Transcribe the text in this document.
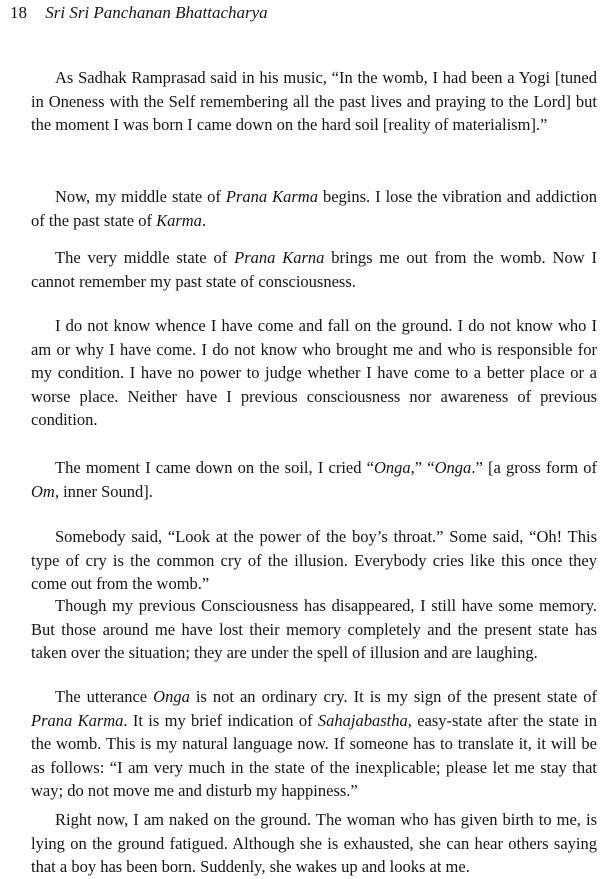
18 Sri Sri Panchanan Bhattacharya

As Sadhak Ramprasad said in his music, “In the womb, I had been a Yogi [tuned in Oneness with the Self remembering all the past lives and praying to the Lord] but the moment I was born I came down on the hard soil [reality of materialism].”

Now, my middle state of Prana Karma begins. I lose the vibration and addiction of the past state of Karma.

The very middle state of Prana Karna brings me out from the womb. Now I cannot remember my past state of consciousness.

I do not know whence I have come and fall on the ground. I do not know who I am or why I have come. I do not know who brought me and who is responsible for my condition. I have no power to judge whether I have come to a better place or a worse place. Neither have I previous consciousness nor awareness of previous condition.

The moment I came down on the soil, I cried “Onga,” “Onga.” [a gross form of Om, inner Sound].

Somebody said, “Look at the power of the boy’s throat.” Some said, “Oh! This type of cry is the common cry of the illusion. Everybody cries like this once they come out from the womb.”

Though my previous Consciousness has disappeared, I still have some memory. But those around me have lost their memory completely and the present state has taken over the situation; they are under the spell of illusion and are laughing.

The utterance Onga is not an ordinary cry. It is my sign of the present state of Prana Karma. It is my brief indication of Sahajabastha, easy-state after the state in the womb. This is my natural language now. If someone has to translate it, it will be as follows: “I am very much in the state of the inexplicable; please let me stay that way; do not move me and disturb my happiness.”

Right now, I am naked on the ground. The woman who has given birth to me, is lying on the ground fatigued. Although she is exhausted, she can hear others saying that a boy has been born. Suddenly, she wakes up and looks at me.
